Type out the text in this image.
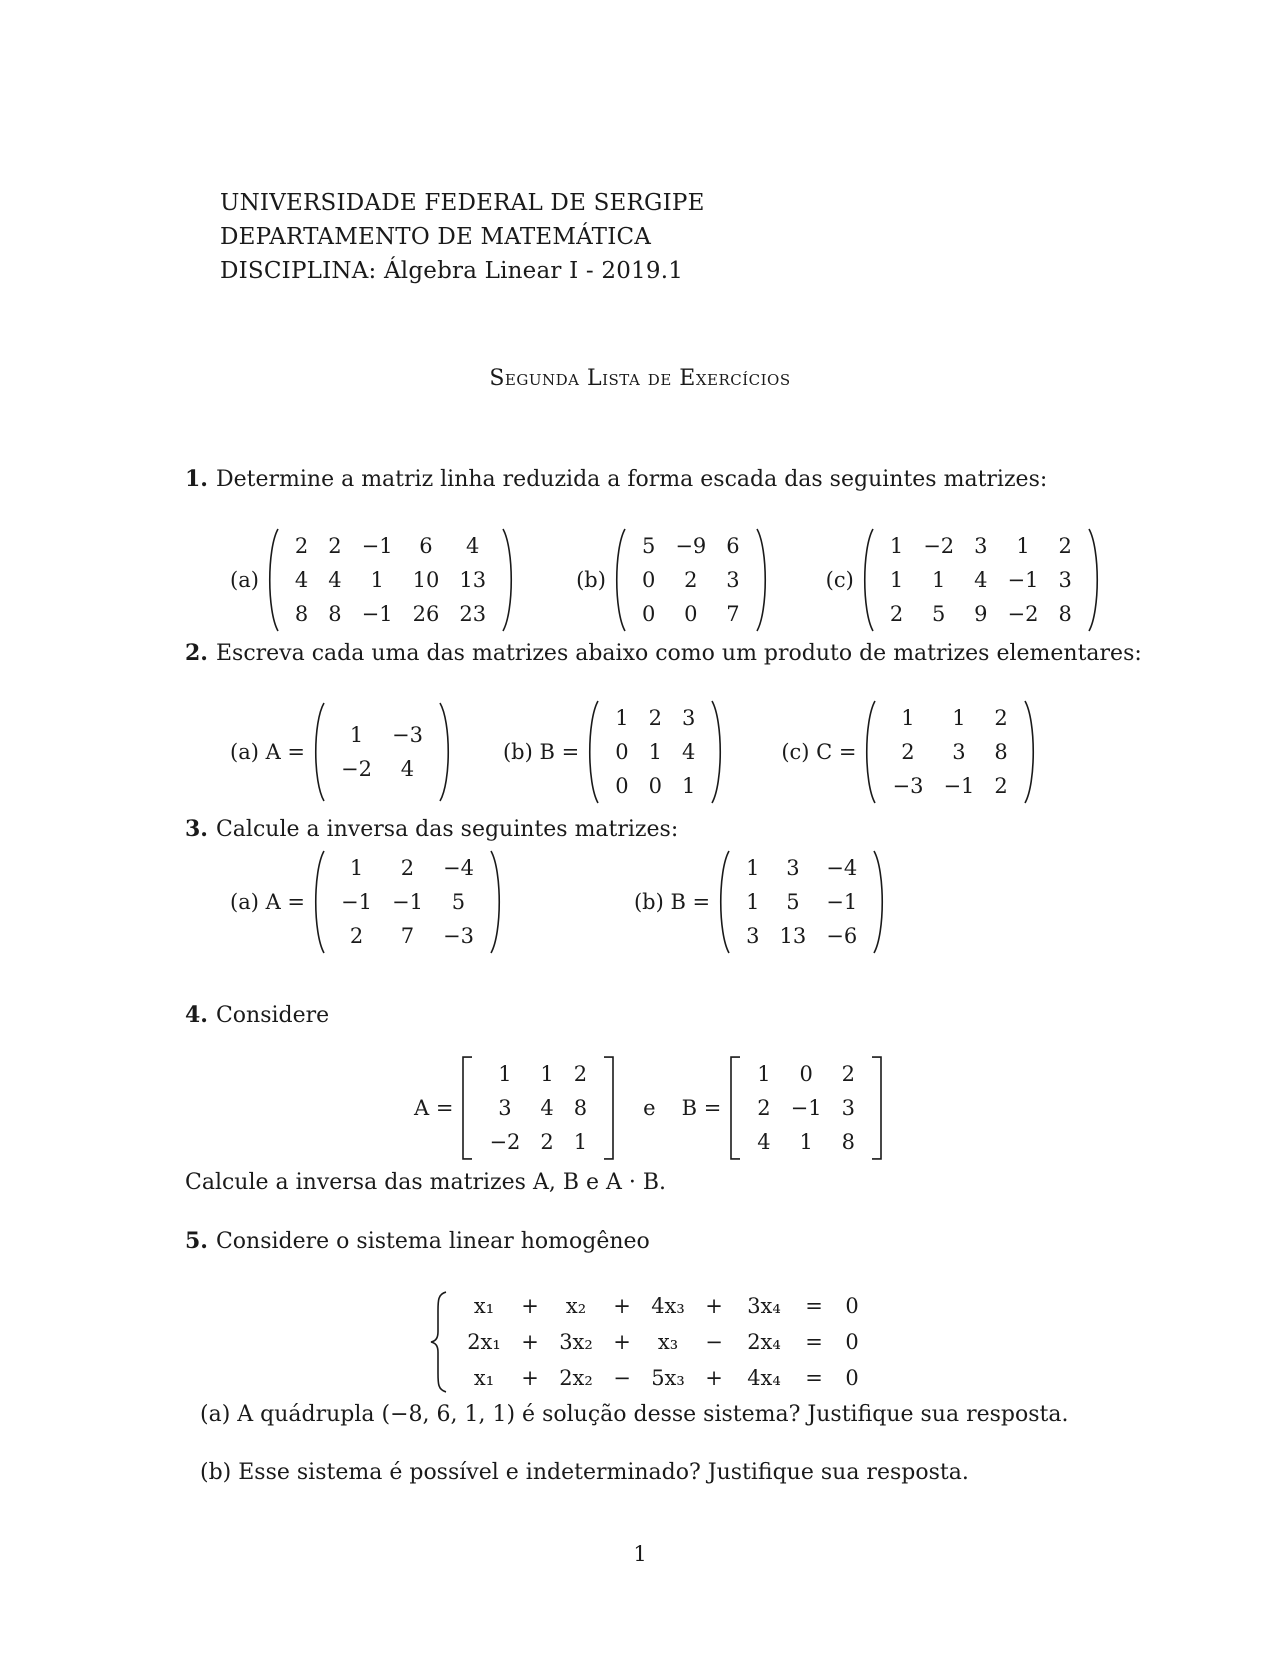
UNIVERSIDADE FEDERAL DE SERGIPE
DEPARTAMENTO DE MATEMÁTICA
DISCIPLINA: Álgebra Linear I - 2019.1
Segunda Lista de Exercícios
1. Determine a matriz linha reduzida a forma escada das seguintes matrizes:
(a)
2 2 −1	6	4
4 4	1	10 13
8 8 −1 26 23
(b)
5 −9 6
0	2	3
0	0	7
(c)
1 −2 3	1	2
1	1	4 −1 3
2	5	9 −2 8
2. Escreva cada uma das matrizes abaixo como um produto de matrizes elementares:
(a) A =
1	−3
−2	4
(b) B =
1 2 3
0 1 4
0 0 1
(c) C =
1	1	2
2	3	8
−3 −1 2
3. Calcule a inversa das seguintes matrizes:
(a) A =
1	2	−4
−1 −1	5
2	7	−3
(b) B =
1	3	−4
1	5	−1
3 13 −6
4. Considere
A =
1	1 2
3	4 8
−2 2 1
e B =
1	0	2
2 −1 3
4	1	8
Calcule a inversa das matrizes A, B e A · B.
5. Considere o sistema linear homogêneo
x₁	+	x₂	+ 4x₃ +	3x₄	=	0
2x₁ + 3x₂ +	x₃	−	2x₄	=	0
x₁	+ 2x₂ − 5x₃ +	4x₄	=	0
(a) A quádrupla (−8, 6, 1, 1) é solução desse sistema? Justifique sua resposta.
(b) Esse sistema é possível e indeterminado? Justifique sua resposta.
1
